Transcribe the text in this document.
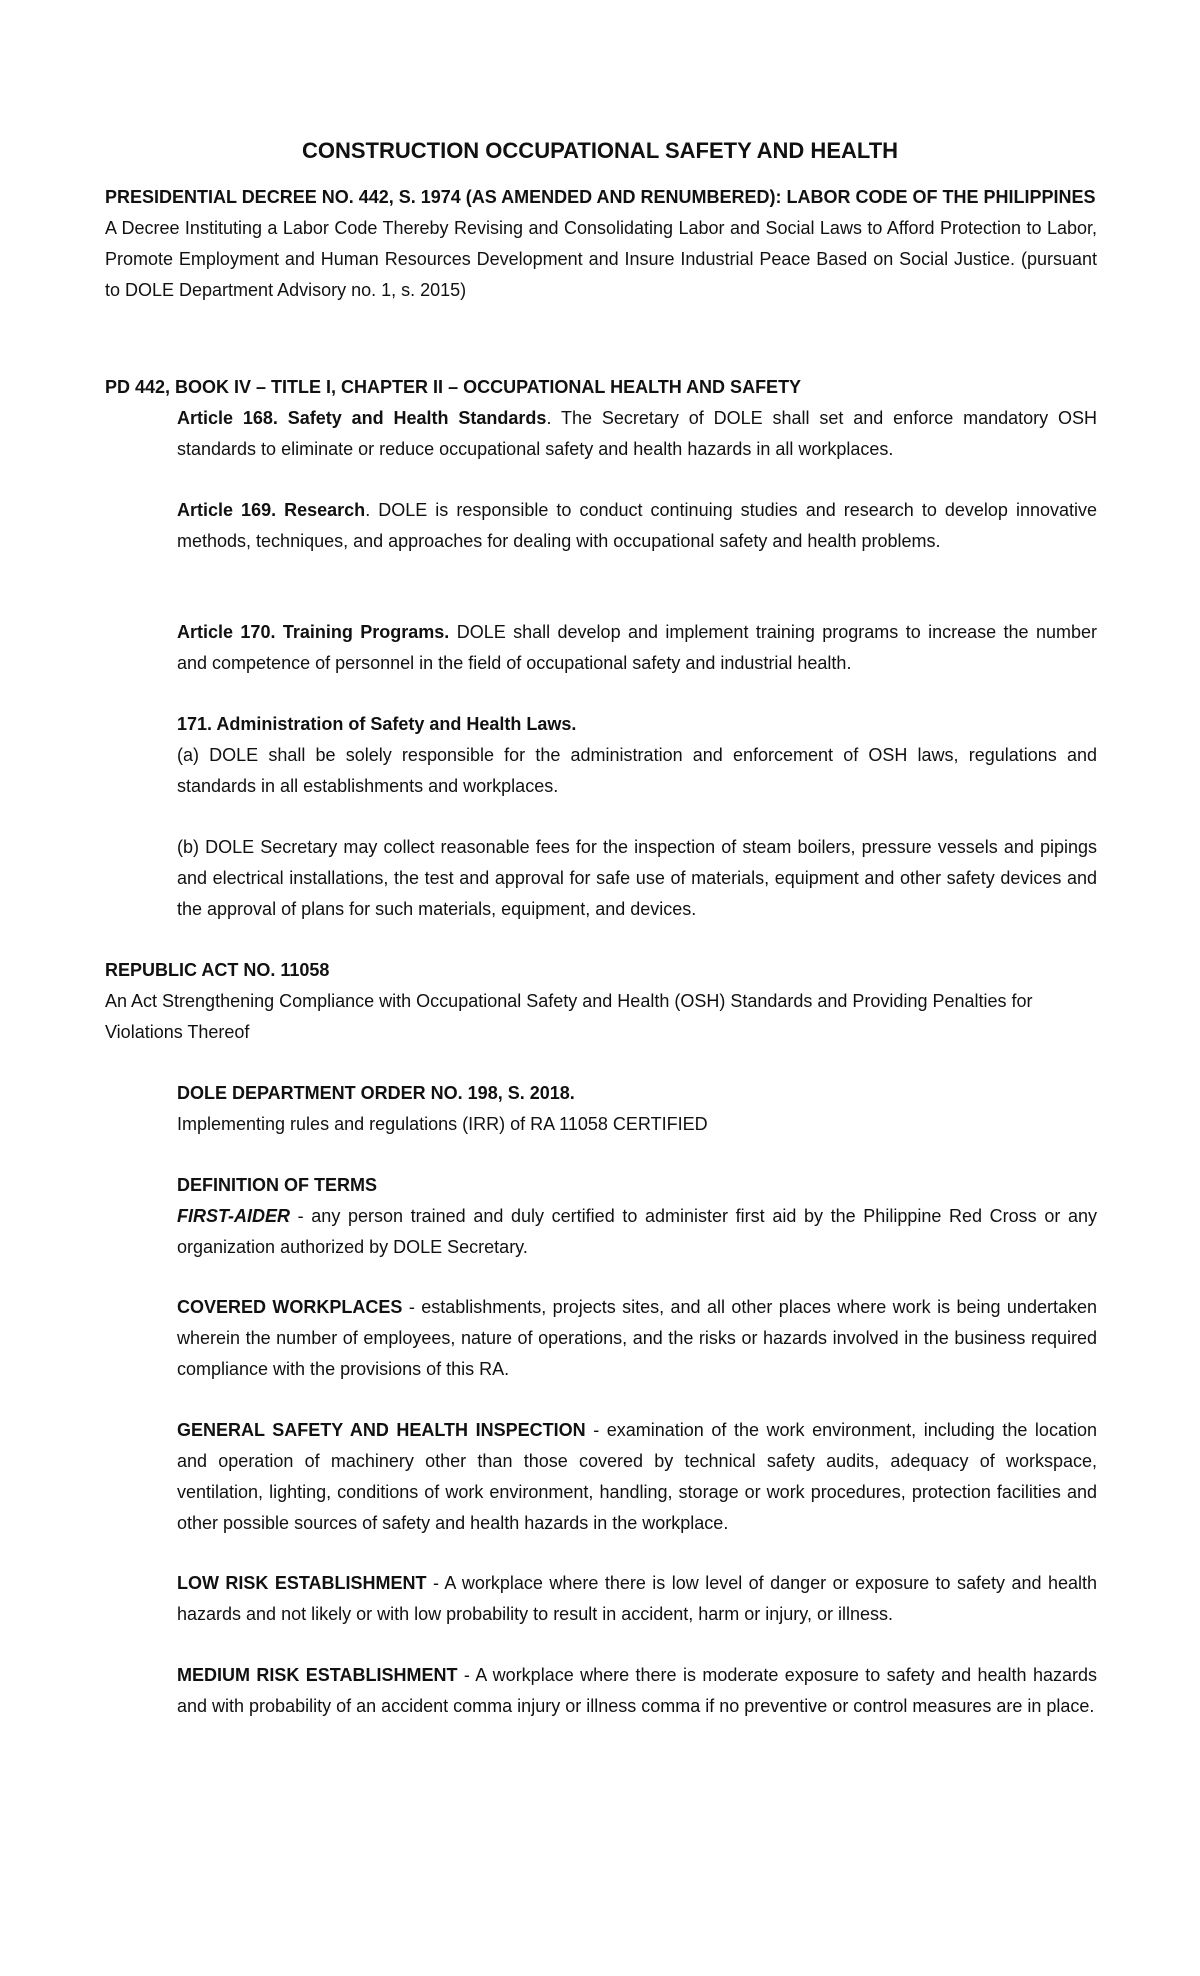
CONSTRUCTION OCCUPATIONAL SAFETY AND HEALTH

PRESIDENTIAL DECREE NO. 442, S. 1974 (AS AMENDED AND RENUMBERED): LABOR CODE OF THE PHILIPPINES

A Decree Instituting a Labor Code Thereby Revising and Consolidating Labor and Social Laws to Afford Protection to Labor, Promote Employment and Human Resources Development and Insure Industrial Peace Based on Social Justice. (pursuant to DOLE Department Advisory no. 1, s. 2015)

PD 442, BOOK IV – TITLE I, CHAPTER II – OCCUPATIONAL HEALTH AND SAFETY

Article 168. Safety and Health Standards. The Secretary of DOLE shall set and enforce mandatory OSH standards to eliminate or reduce occupational safety and health hazards in all workplaces.

Article 169. Research. DOLE is responsible to conduct continuing studies and research to develop innovative methods, techniques, and approaches for dealing with occupational safety and health problems.

Article 170. Training Programs. DOLE shall develop and implement training programs to increase the number and competence of personnel in the field of occupational safety and industrial health.

171. Administration of Safety and Health Laws.

(a) DOLE shall be solely responsible for the administration and enforcement of OSH laws, regulations and standards in all establishments and workplaces.

(b) DOLE Secretary may collect reasonable fees for the inspection of steam boilers, pressure vessels and pipings and electrical installations, the test and approval for safe use of materials, equipment and other safety devices and the approval of plans for such materials, equipment, and devices.

REPUBLIC ACT NO. 11058

An Act Strengthening Compliance with Occupational Safety and Health (OSH) Standards and Providing Penalties for Violations Thereof

DOLE DEPARTMENT ORDER NO. 198, S. 2018.

Implementing rules and regulations (IRR) of RA 11058 CERTIFIED

DEFINITION OF TERMS

FIRST-AIDER - any person trained and duly certified to administer first aid by the Philippine Red Cross or any organization authorized by DOLE Secretary.

COVERED WORKPLACES - establishments, projects sites, and all other places where work is being undertaken wherein the number of employees, nature of operations, and the risks or hazards involved in the business required compliance with the provisions of this RA.

GENERAL SAFETY AND HEALTH INSPECTION - examination of the work environment, including the location and operation of machinery other than those covered by technical safety audits, adequacy of workspace, ventilation, lighting, conditions of work environment, handling, storage or work procedures, protection facilities and other possible sources of safety and health hazards in the workplace.

LOW RISK ESTABLISHMENT - A workplace where there is low level of danger or exposure to safety and health hazards and not likely or with low probability to result in accident, harm or injury, or illness.

MEDIUM RISK ESTABLISHMENT - A workplace where there is moderate exposure to safety and health hazards and with probability of an accident comma injury or illness comma if no preventive or control measures are in place.
